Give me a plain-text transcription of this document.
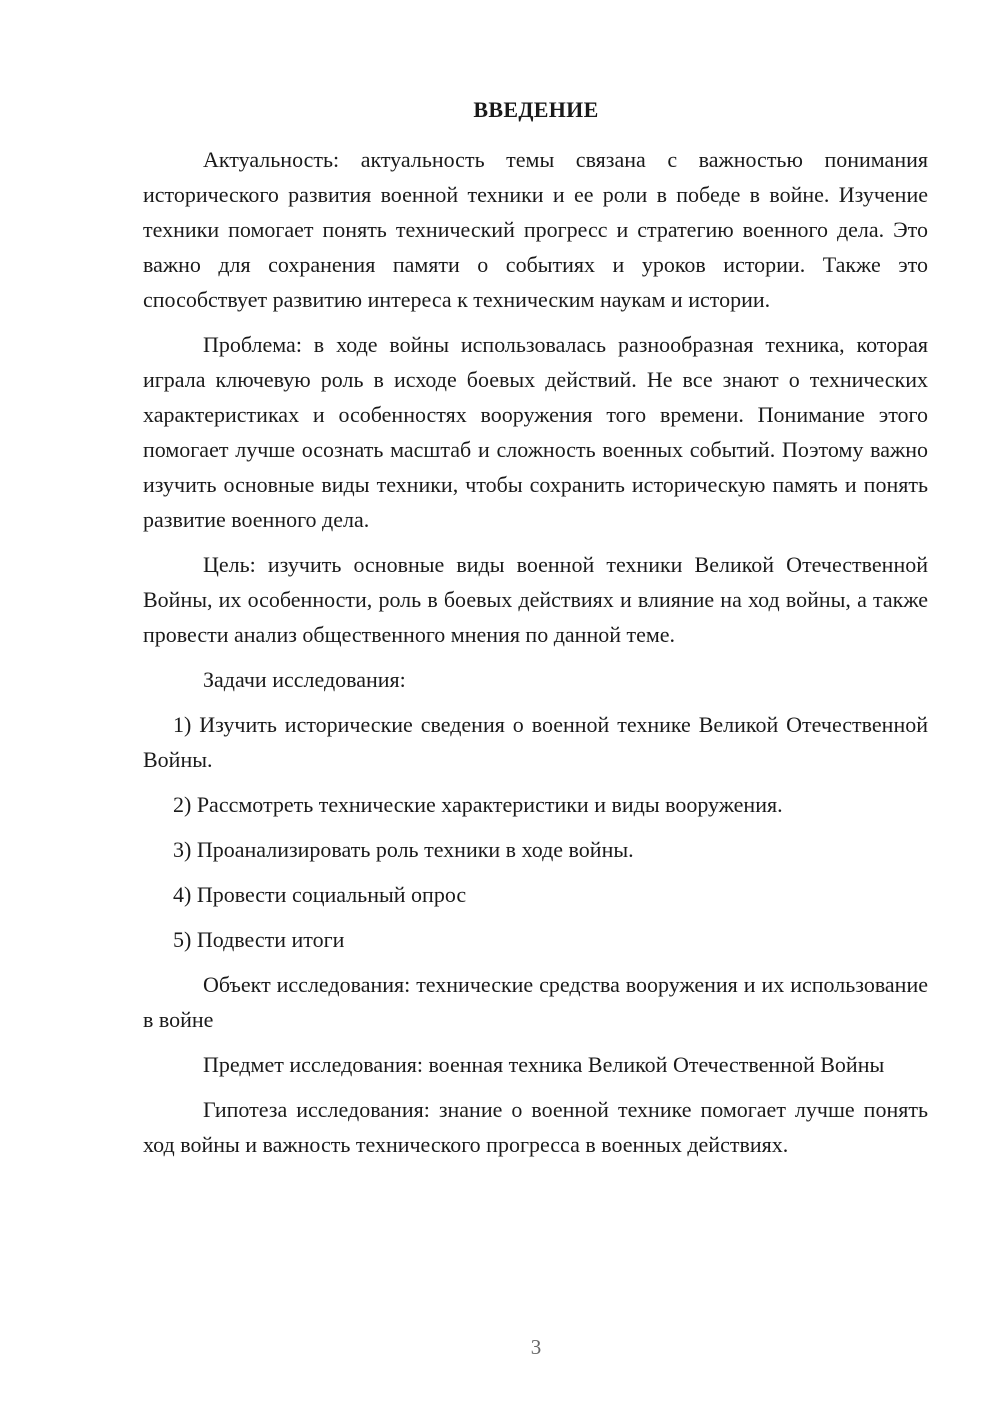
ВВЕДЕНИЕ

Актуальность: актуальность темы связана с важностью понимания исторического развития военной техники и ее роли в победе в войне. Изучение техники помогает понять технический прогресс и стратегию военного дела. Это важно для сохранения памяти о событиях и уроков истории. Также это способствует развитию интереса к техническим наукам и истории.

Проблема: в ходе войны использовалась разнообразная техника, которая играла ключевую роль в исходе боевых действий. Не все знают о технических характеристиках и особенностях вооружения того времени. Понимание этого помогает лучше осознать масштаб и сложность военных событий. Поэтому важно изучить основные виды техники, чтобы сохранить историческую память и понять развитие военного дела.

Цель: изучить основные виды военной техники Великой Отечественной Войны, их особенности, роль в боевых действиях и влияние на ход войны, а также провести анализ общественного мнения по данной теме.

Задачи исследования:

1) Изучить исторические сведения о военной технике Великой Отечественной Войны.

2) Рассмотреть технические характеристики и виды вооружения.

3) Проанализировать роль техники в ходе войны.

4) Провести социальный опрос

5) Подвести итоги

Объект исследования: технические средства вооружения и их использование в войне

Предмет исследования: военная техника Великой Отечественной Войны

Гипотеза исследования: знание о военной технике помогает лучше понять ход войны и важность технического прогресса в военных действиях.

3
